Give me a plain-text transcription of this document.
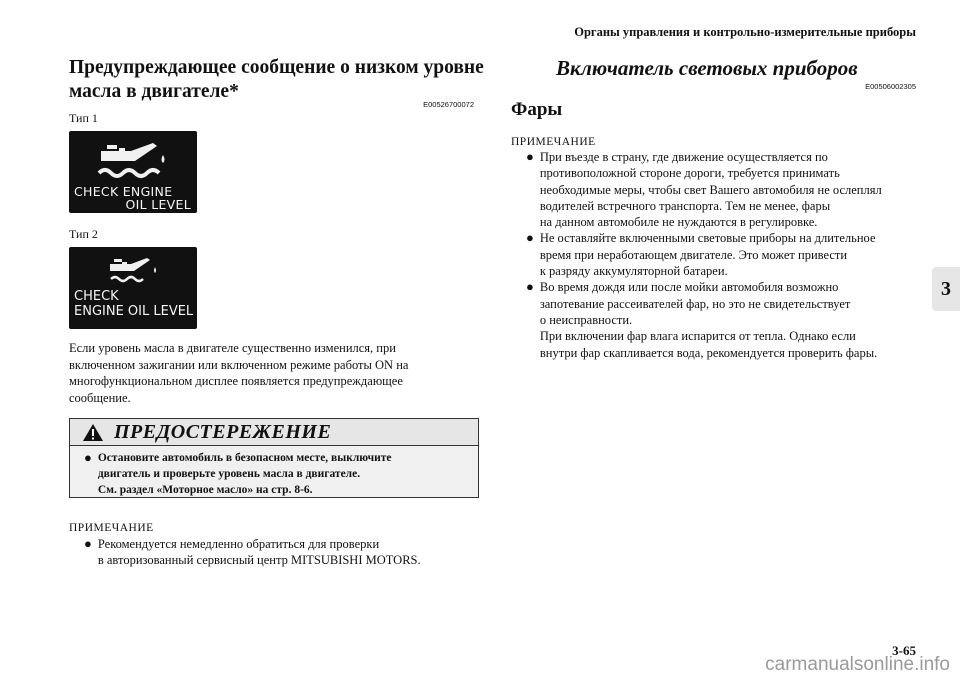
Органы управления и контрольно-измерительные приборы
3
3-65
carmanualsonline.info
Предупреждающее сообщение о низком уровне
масла в двигателе*
E00526700072
Тип 1
CHECK ENGINE
OIL LEVEL
Тип 2
CHECK
ENGINE OIL LEVEL
Если уровень масла в двигателе существенно изменился, при
включенном зажигании или включенном режиме работы ON на
многофункциональном дисплее появляется предупреждающее
сообщение.
ПРЕДОСТЕРЕЖЕНИЕ
● Остановите автомобиль в безопасном месте, выключите
двигатель и проверьте уровень масла в двигателе.
См. раздел «Моторное масло» на стр. 8-6.
ПРИМЕЧАНИЕ
● Рекомендуется немедленно обратиться для проверки
в авторизованный сервисный центр MITSUBISHI MOTORS.
Включатель световых приборов
E00506002305
Фары
ПРИМЕЧАНИЕ
● При въезде в страну, где движение осуществляется по
противоположной стороне дороги, требуется принимать
необходимые меры, чтобы свет Вашего автомобиля не ослеплял
водителей встречного транспорта. Тем не менее, фары
на данном автомобиле не нуждаются в регулировке.
● Не оставляйте включенными световые приборы на длительное
время при неработающем двигателе. Это может привести
к разряду аккумуляторной батареи.
● Во время дождя или после мойки автомобиля возможно
запотевание рассеивателей фар, но это не свидетельствует
о неисправности.
При включении фар влага испарится от тепла. Однако если
внутри фар скапливается вода, рекомендуется проверить фары.
